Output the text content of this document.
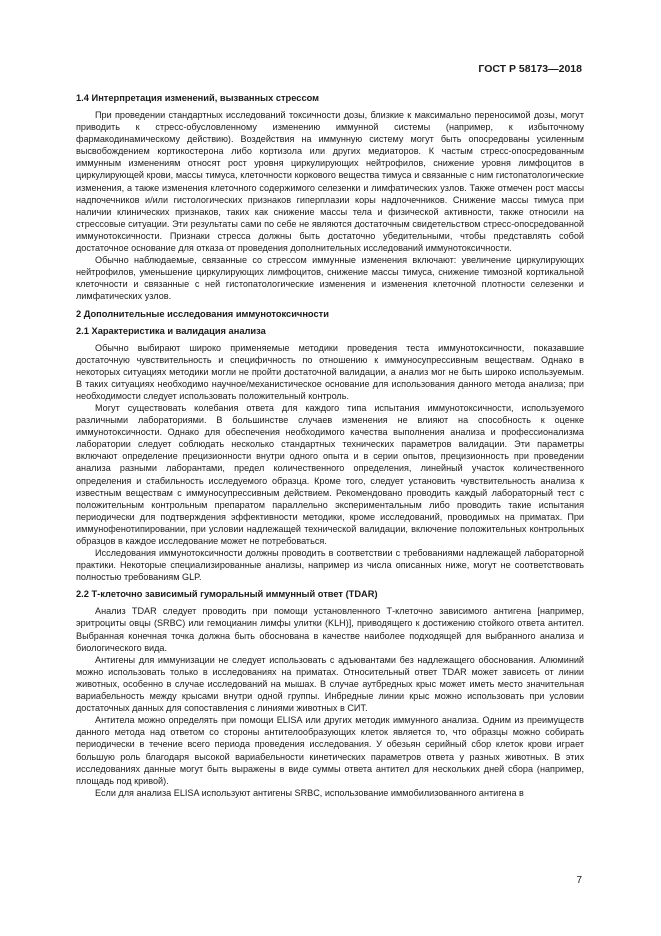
ГОСТ Р 58173—2018
1.4 Интерпретация изменений, вызванных стрессом

При проведении стандартных исследований токсичности дозы, близкие к максимально переносимой дозы, могут приводить к стресс-обусловленному изменению иммунной системы (например, к избыточному фармакодинамическому действию). Воздействия на иммунную систему могут быть опосредованы усиленным высвобождением кортикостерона либо кортизола или других медиаторов. К частым стресс-опосредованным иммунным изменениям относят рост уровня циркулирующих нейтрофилов, снижение уровня лимфоцитов в циркулирующей крови, массы тимуса, клеточности коркового вещества тимуса и связанные с ним гистопатологические изменения, а также изменения клеточного содержимого селезенки и лимфатических узлов. Также отмечен рост массы надпочечников и/или гистологических признаков гиперплазии коры надпочечников. Снижение массы тимуса при наличии клинических признаков, таких как снижение массы тела и физической активности, также относили на стрессовые ситуации. Эти результаты сами по себе не являются достаточным свидетельством стресс-опосредованной иммунотоксичности. Признаки стресса должны быть достаточно убедительными, чтобы представлять собой достаточное основание для отказа от проведения дополнительных исследований иммунотоксичности.

Обычно наблюдаемые, связанные со стрессом иммунные изменения включают: увеличение циркулирующих нейтрофилов, уменьшение циркулирующих лимфоцитов, снижение массы тимуса, снижение тимозной кортикальной клеточности и связанные с ней гистопатологические изменения и изменения клеточной плотности селезенки и лимфатических узлов.

2 Дополнительные исследования иммунотоксичности
2.1 Характеристика и валидация анализа

Обычно выбирают широко применяемые методики проведения теста иммунотоксичности, показавшие достаточную чувствительность и специфичность по отношению к иммуносупрессивным веществам. Однако в некоторых ситуациях методики могли не пройти достаточной валидации, а анализ мог не быть широко используемым. В таких ситуациях необходимо научное/механистическое основание для использования данного метода анализа; при необходимости следует использовать положительный контроль.

Могут существовать колебания ответа для каждого типа испытания иммунотоксичности, используемого различными лабораториями. В большинстве случаев изменения не влияют на способность к оценке иммунотоксичности. Однако для обеспечения необходимого качества выполнения анализа и профессионализма лаборатории следует соблюдать несколько стандартных технических параметров валидации. Эти параметры включают определение прецизионности внутри одного опыта и в серии опытов, прецизионность при проведении анализа разными лаборантами, предел количественного определения, линейный участок количественного определения и стабильность исследуемого образца. Кроме того, следует установить чувствительность анализа к известным веществам с иммуносупрессивным действием. Рекомендовано проводить каждый лабораторный тест с положительным контрольным препаратом параллельно экспериментальным либо проводить такие испытания периодически для подтверждения эффективности методики, кроме исследований, проводимых на приматах. При иммунофенотипировании, при условии надлежащей технической валидации, включение положительных контрольных образцов в каждое исследование может не потребоваться.

Исследования иммунотоксичности должны проводить в соответствии с требованиями надлежащей лабораторной практики. Некоторые специализированные анализы, например из числа описанных ниже, могут не соответствовать полностью требованиям GLP.

2.2 Т-клеточно зависимый гуморальный иммунный ответ (TDAR)

Анализ TDAR следует проводить при помощи установленного Т-клеточно зависимого антигена [например, эритроциты овцы (SRBC) или гемоцианин лимфы улитки (KLH)], приводящего к достижению стойкого ответа антител. Выбранная конечная точка должна быть обоснована в качестве наиболее подходящей для выбранного анализа и биологического вида.

Антигены для иммунизации не следует использовать с адъювантами без надлежащего обоснования. Алюминий можно использовать только в исследованиях на приматах. Относительный ответ TDAR может зависеть от линии животных, особенно в случае исследований на мышах. В случае аутбредных крыс может иметь место значительная вариабельность между крысами внутри одной группы. Инбредные линии крыс можно использовать при условии достаточных данных для сопоставления с линиями животных в СИТ.

Антитела можно определять при помощи ELISA или других методик иммунного анализа. Одним из преимуществ данного метода над ответом со стороны антителообразующих клеток является то, что образцы можно собирать периодически в течение всего периода проведения исследования. У обезьян серийный сбор клеток крови играет большую роль благодаря высокой вариабельности кинетических параметров ответа у разных животных. В этих исследованиях данные могут быть выражены в виде суммы ответа антител для нескольких дней сбора (например, площадь под кривой).

Если для анализа ELISA используют антигены SRBC, использование иммобилизованного антигена в

7
